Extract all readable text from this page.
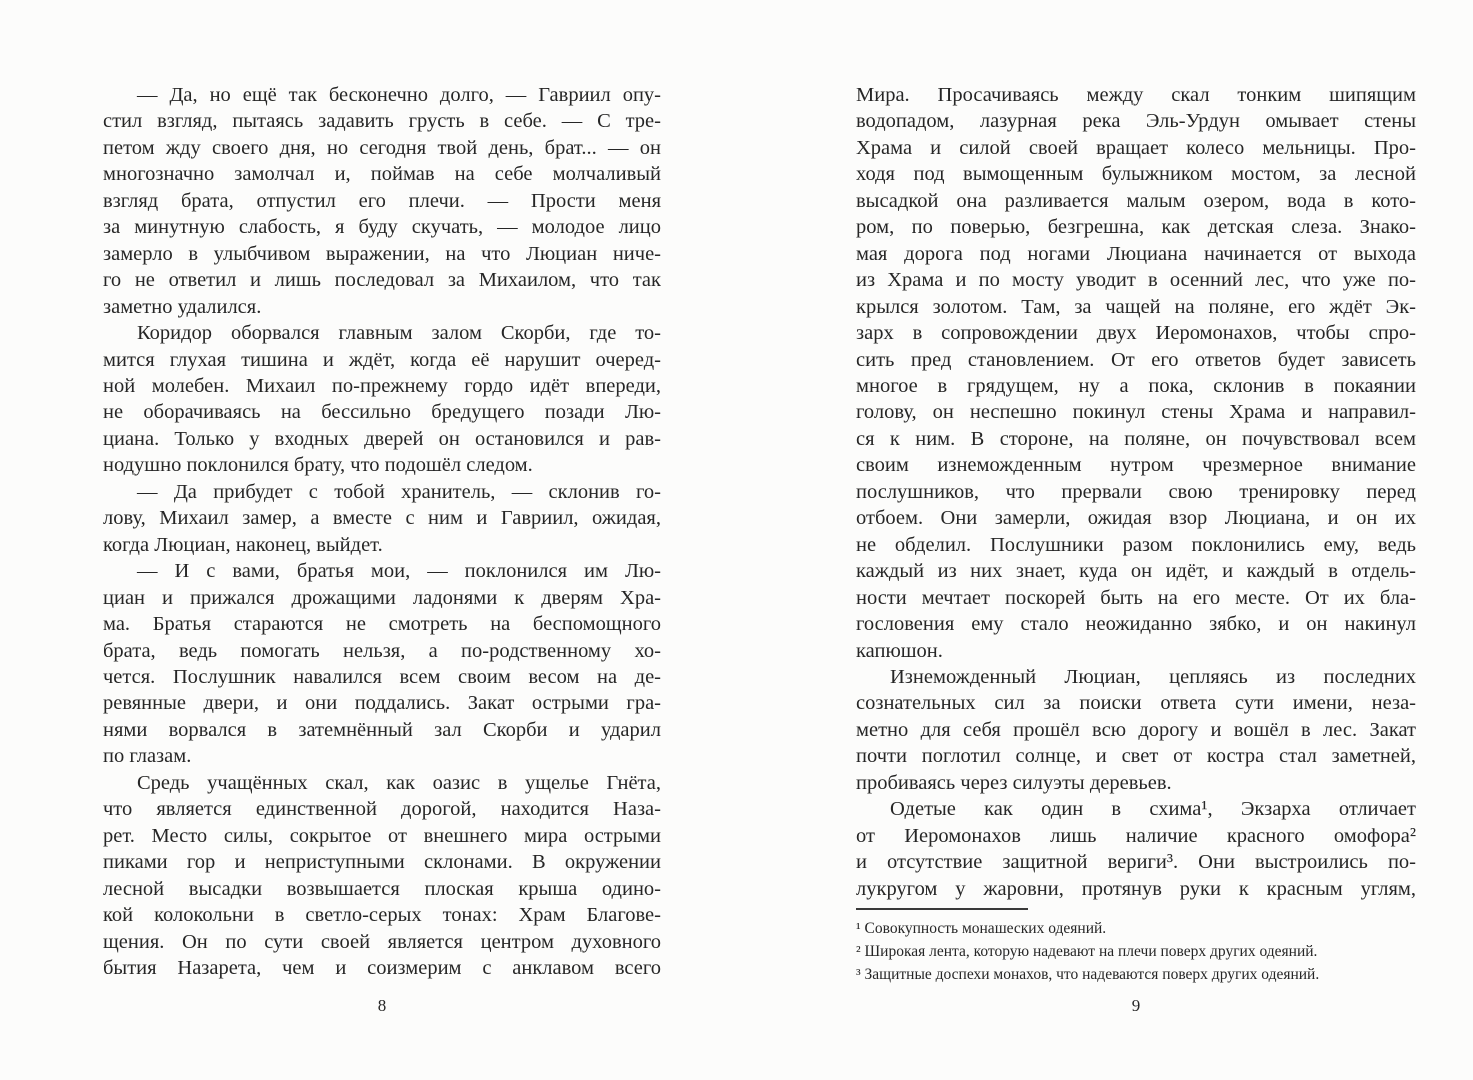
— Да, но ещё так бесконечно долго, — Гавриил опу-
стил взгляд, пытаясь задавить грусть в себе. — С тре-
петом жду своего дня, но сегодня твой день, брат... — он
многозначно замолчал и, поймав на себе молчаливый
взгляд брата, отпустил его плечи. — Прости меня
за минутную слабость, я буду скучать, — молодое лицо
замерло в улыбчивом выражении, на что Люциан ниче-
го не ответил и лишь последовал за Михаилом, что так
заметно удалился.
Коридор оборвался главным залом Скорби, где то-
мится глухая тишина и ждёт, когда её нарушит очеред-
ной молебен. Михаил по-прежнему гордо идёт впереди,
не оборачиваясь на бессильно бредущего позади Лю-
циана. Только у входных дверей он остановился и рав-
нодушно поклонился брату, что подошёл следом.
— Да прибудет с тобой хранитель, — склонив го-
лову, Михаил замер, а вместе с ним и Гавриил, ожидая,
когда Люциан, наконец, выйдет.
— И с вами, братья мои, — поклонился им Лю-
циан и прижался дрожащими ладонями к дверям Хра-
ма. Братья стараются не смотреть на беспомощного
брата, ведь помогать нельзя, а по-родственному хо-
чется. Послушник навалился всем своим весом на де-
ревянные двери, и они поддались. Закат острыми гра-
нями ворвался в затемнённый зал Скорби и ударил
по глазам.
Средь учащённых скал, как оазис в ущелье Гнёта,
что является единственной дорогой, находится Наза-
рет. Место силы, сокрытое от внешнего мира острыми
пиками гор и неприступными склонами. В окружении
лесной высадки возвышается плоская крыша одино-
кой колокольни в светло-серых тонах: Храм Благове-
щения. Он по сути своей является центром духовного
бытия Назарета, чем и соизмерим с анклавом всего
Мира. Просачиваясь между скал тонким шипящим
водопадом, лазурная река Эль-Урдун омывает стены
Храма и силой своей вращает колесо мельницы. Про-
ходя под вымощенным булыжником мостом, за лесной
высадкой она разливается малым озером, вода в кото-
ром, по поверью, безгрешна, как детская слеза. Знако-
мая дорога под ногами Люциана начинается от выхода
из Храма и по мосту уводит в осенний лес, что уже по-
крылся золотом. Там, за чащей на поляне, его ждёт Эк-
зарх в сопровождении двух Иеромонахов, чтобы спро-
сить пред становлением. От его ответов будет зависеть
многое в грядущем, ну а пока, склонив в покаянии
голову, он неспешно покинул стены Храма и направил-
ся к ним. В стороне, на поляне, он почувствовал всем
своим изнеможденным нутром чрезмерное внимание
послушников, что прервали свою тренировку перед
отбоем. Они замерли, ожидая взор Люциана, и он их
не обделил. Послушники разом поклонились ему, ведь
каждый из них знает, куда он идёт, и каждый в отдель-
ности мечтает поскорей быть на его месте. От их бла-
гословения ему стало неожиданно зябко, и он накинул
капюшон.
Изнеможденный Люциан, цепляясь из последних
сознательных сил за поиски ответа сути имени, неза-
метно для себя прошёл всю дорогу и вошёл в лес. Закат
почти поглотил солнце, и свет от костра стал заметней,
пробиваясь через силуэты деревьев.
Одетые как один в схима¹, Экзарха отличает
от Иеромонахов лишь наличие красного омофора²
и отсутствие защитной вериги³. Они выстроились по-
лукругом у жаровни, протянув руки к красным углям,
¹ Совокупность монашеских одеяний.
² Широкая лента, которую надевают на плечи поверх других одеяний.
³ Защитные доспехи монахов, что надеваются поверх других одеяний.
8	9
